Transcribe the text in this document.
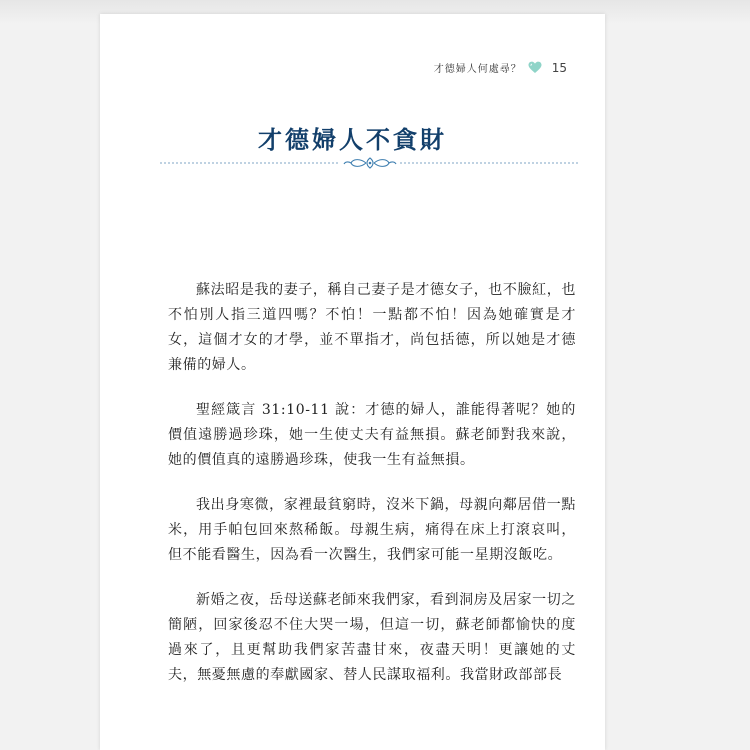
才德婦人何處尋？	15
才德婦人不貪財

蘇法昭是我的妻子，稱自己妻子是才德女子，也不臉紅，也不怕別人指三道四嗎？不怕！一點都不怕！因為她確實是才女，這個才女的才學，並不單指才，尚包括德，所以她是才德兼備的婦人。

聖經箴言 31:10-11 說：才德的婦人，誰能得著呢？她的價值遠勝過珍珠，她一生使丈夫有益無損。蘇老師對我來說，她的價值真的遠勝過珍珠，使我一生有益無損。

我出身寒微，家裡最貧窮時，沒米下鍋，母親向鄰居借一點米，用手帕包回來熬稀飯。母親生病，痛得在床上打滾哀叫，但不能看醫生，因為看一次醫生，我們家可能一星期沒飯吃。

新婚之夜，岳母送蘇老師來我們家，看到洞房及居家一切之簡陋，回家後忍不住大哭一場，但這一切，蘇老師都愉快的度過來了，且更幫助我們家苦盡甘來，夜盡天明！更讓她的丈夫，無憂無慮的奉獻國家、替人民謀取福利。我當財政部部長
